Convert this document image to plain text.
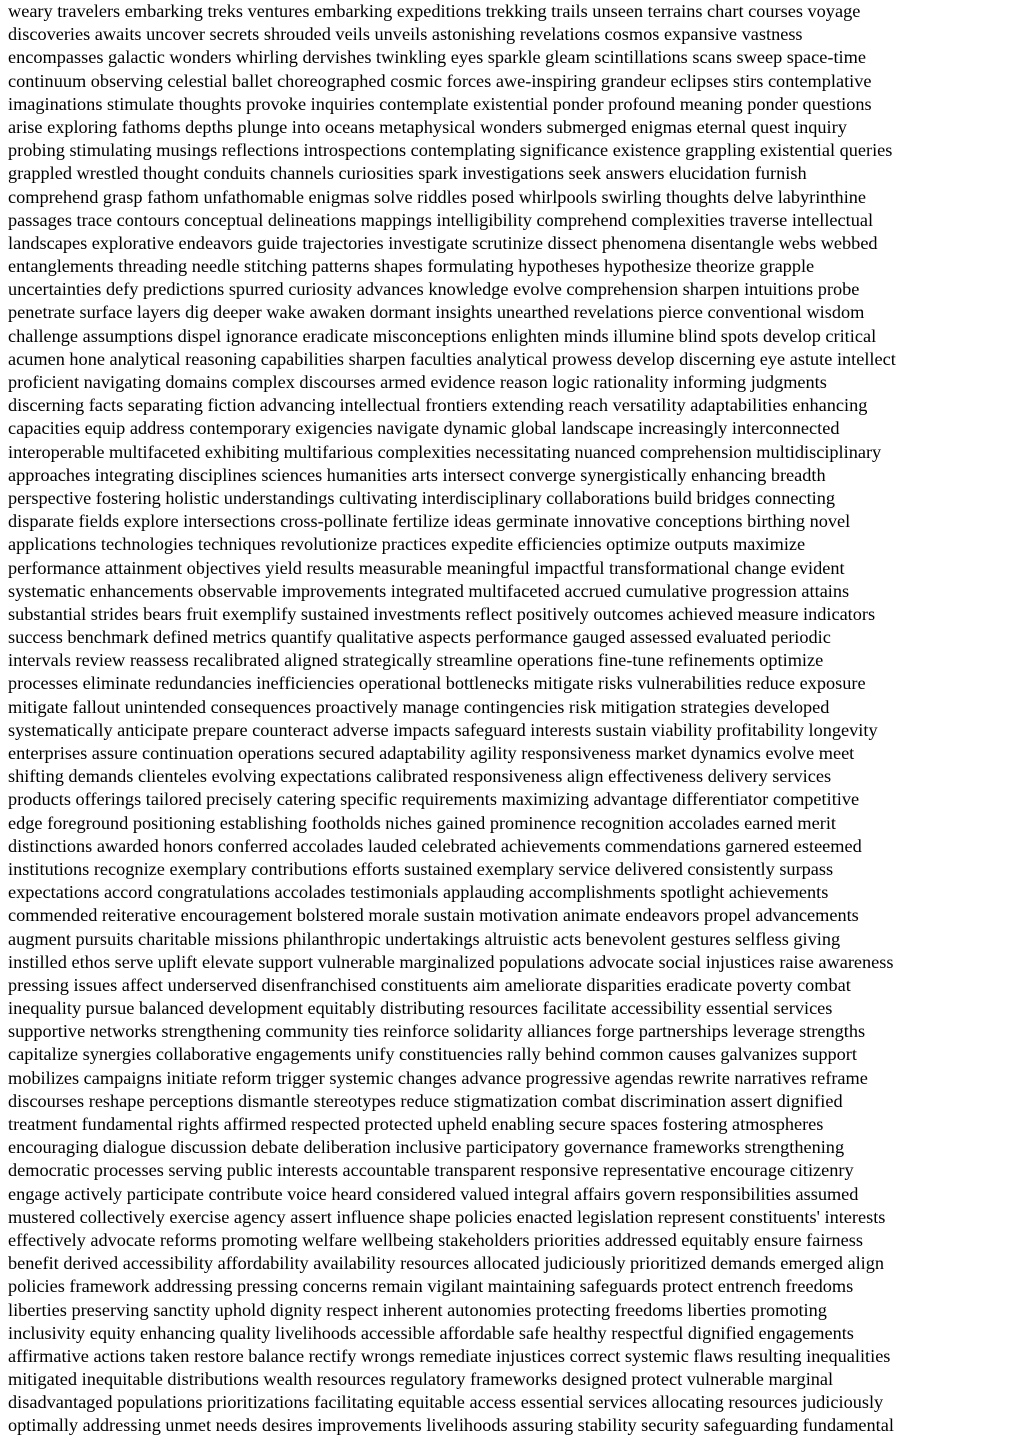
weary travelers embarking treks ventures embarking expeditions trekking trails unseen terrains chart courses voyage
discoveries awaits uncover secrets shrouded veils unveils astonishing revelations cosmos expansive vastness
encompasses galactic wonders whirling dervishes twinkling eyes sparkle gleam scintillations scans sweep space-time
continuum observing celestial ballet choreographed cosmic forces awe-inspiring grandeur eclipses stirs contemplative
imaginations stimulate thoughts provoke inquiries contemplate existential ponder profound meaning ponder questions
arise exploring fathoms depths plunge into oceans metaphysical wonders submerged enigmas eternal quest inquiry
probing stimulating musings reflections introspections contemplating significance existence grappling existential queries
grappled wrestled thought conduits channels curiosities spark investigations seek answers elucidation furnish
comprehend grasp fathom unfathomable enigmas solve riddles posed whirlpools swirling thoughts delve labyrinthine
passages trace contours conceptual delineations mappings intelligibility comprehend complexities traverse intellectual
landscapes explorative endeavors guide trajectories investigate scrutinize dissect phenomena disentangle webs webbed
entanglements threading needle stitching patterns shapes formulating hypotheses hypothesize theorize grapple
uncertainties defy predictions spurred curiosity advances knowledge evolve comprehension sharpen intuitions probe
penetrate surface layers dig deeper wake awaken dormant insights unearthed revelations pierce conventional wisdom
challenge assumptions dispel ignorance eradicate misconceptions enlighten minds illumine blind spots develop critical
acumen hone analytical reasoning capabilities sharpen faculties analytical prowess develop discerning eye astute intellect
proficient navigating domains complex discourses armed evidence reason logic rationality informing judgments
discerning facts separating fiction advancing intellectual frontiers extending reach versatility adaptabilities enhancing
capacities equip address contemporary exigencies navigate dynamic global landscape increasingly interconnected
interoperable multifaceted exhibiting multifarious complexities necessitating nuanced comprehension multidisciplinary
approaches integrating disciplines sciences humanities arts intersect converge synergistically enhancing breadth
perspective fostering holistic understandings cultivating interdisciplinary collaborations build bridges connecting
disparate fields explore intersections cross-pollinate fertilize ideas germinate innovative conceptions birthing novel
applications technologies techniques revolutionize practices expedite efficiencies optimize outputs maximize
performance attainment objectives yield results measurable meaningful impactful transformational change evident
systematic enhancements observable improvements integrated multifaceted accrued cumulative progression attains
substantial strides bears fruit exemplify sustained investments reflect positively outcomes achieved measure indicators
success benchmark defined metrics quantify qualitative aspects performance gauged assessed evaluated periodic
intervals review reassess recalibrated aligned strategically streamline operations fine-tune refinements optimize
processes eliminate redundancies inefficiencies operational bottlenecks mitigate risks vulnerabilities reduce exposure
mitigate fallout unintended consequences proactively manage contingencies risk mitigation strategies developed
systematically anticipate prepare counteract adverse impacts safeguard interests sustain viability profitability longevity
enterprises assure continuation operations secured adaptability agility responsiveness market dynamics evolve meet
shifting demands clienteles evolving expectations calibrated responsiveness align effectiveness delivery services
products offerings tailored precisely catering specific requirements maximizing advantage differentiator competitive
edge foreground positioning establishing footholds niches gained prominence recognition accolades earned merit
distinctions awarded honors conferred accolades lauded celebrated achievements commendations garnered esteemed
institutions recognize exemplary contributions efforts sustained exemplary service delivered consistently surpass
expectations accord congratulations accolades testimonials applauding accomplishments spotlight achievements
commended reiterative encouragement bolstered morale sustain motivation animate endeavors propel advancements
augment pursuits charitable missions philanthropic undertakings altruistic acts benevolent gestures selfless giving
instilled ethos serve uplift elevate support vulnerable marginalized populations advocate social injustices raise awareness
pressing issues affect underserved disenfranchised constituents aim ameliorate disparities eradicate poverty combat
inequality pursue balanced development equitably distributing resources facilitate accessibility essential services
supportive networks strengthening community ties reinforce solidarity alliances forge partnerships leverage strengths
capitalize synergies collaborative engagements unify constituencies rally behind common causes galvanizes support
mobilizes campaigns initiate reform trigger systemic changes advance progressive agendas rewrite narratives reframe
discourses reshape perceptions dismantle stereotypes reduce stigmatization combat discrimination assert dignified
treatment fundamental rights affirmed respected protected upheld enabling secure spaces fostering atmospheres
encouraging dialogue discussion debate deliberation inclusive participatory governance frameworks strengthening
democratic processes serving public interests accountable transparent responsive representative encourage citizenry
engage actively participate contribute voice heard considered valued integral affairs govern responsibilities assumed
mustered collectively exercise agency assert influence shape policies enacted legislation represent constituents' interests
effectively advocate reforms promoting welfare wellbeing stakeholders priorities addressed equitably ensure fairness
benefit derived accessibility affordability availability resources allocated judiciously prioritized demands emerged align
policies framework addressing pressing concerns remain vigilant maintaining safeguards protect entrench freedoms
liberties preserving sanctity uphold dignity respect inherent autonomies protecting freedoms liberties promoting
inclusivity equity enhancing quality livelihoods accessible affordable safe healthy respectful dignified engagements
affirmative actions taken restore balance rectify wrongs remediate injustices correct systemic flaws resulting inequalities
mitigated inequitable distributions wealth resources regulatory frameworks designed protect vulnerable marginal
disadvantaged populations prioritizations facilitating equitable access essential services allocating resources judiciously
optimally addressing unmet needs desires improvements livelihoods assuring stability security safeguarding fundamental
